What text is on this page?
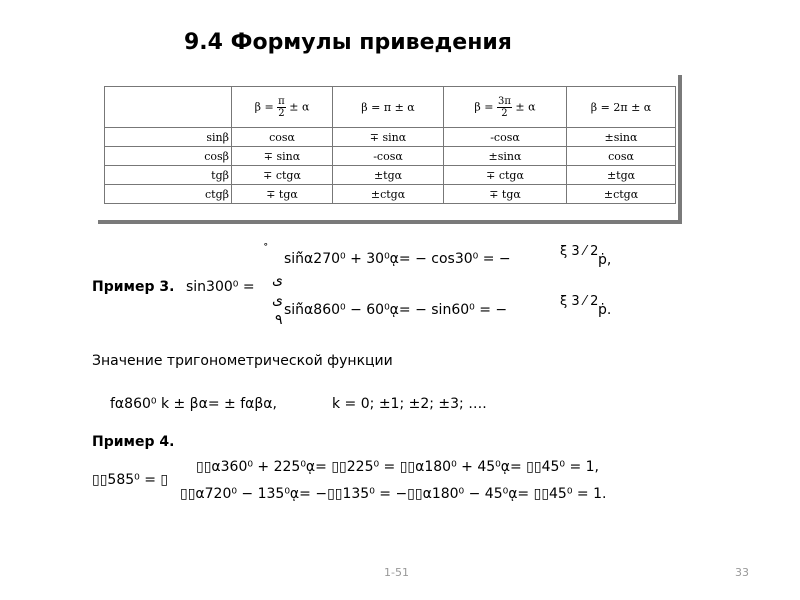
9.4 Формулы приведения
	$\beta = \frac{\pi}{2} \pm \alpha$	β = π ± α	$\beta = \frac{3\pi}{2} \pm \alpha$	β = 2π ± α
sinβ	cosα	∓ sinα	-cosα	±sinα
cosβ	∓ sinα	-cosα	±sinα	cosα
tgβ	∓ ctgα	±tgα	∓ ctgα	±tgα
ctgβ	∓ tgα	±ctgα	∓ tgα	±ctgα
˚
sin᷉α270⁰ + 30⁰ᾳ= − cos30⁰ = −	ξ 3 ⁄ 2
ṗ,
Пример 3. sin300⁰ = ی
ی
۹
sin᷉α860⁰ − 60⁰ᾳ= − sin60⁰ = −
ξ 3 ⁄ 2
ṗ.
Значение тригонометрической функции
fα860⁰ k ± βα= ± fαβα,	k = 0; ±1; ±2; ±3; ….
Пример 4.
▯▯585⁰ = ▯
▯▯α360⁰ + 225⁰ᾳ= ▯▯225⁰ = ▯▯α180⁰ + 45⁰ᾳ= ▯▯45⁰ = 1,
▯▯α720⁰ − 135⁰ᾳ= −▯▯135⁰ = −▯▯α180⁰ − 45⁰ᾳ= ▯▯45⁰ = 1.
1-51	33
